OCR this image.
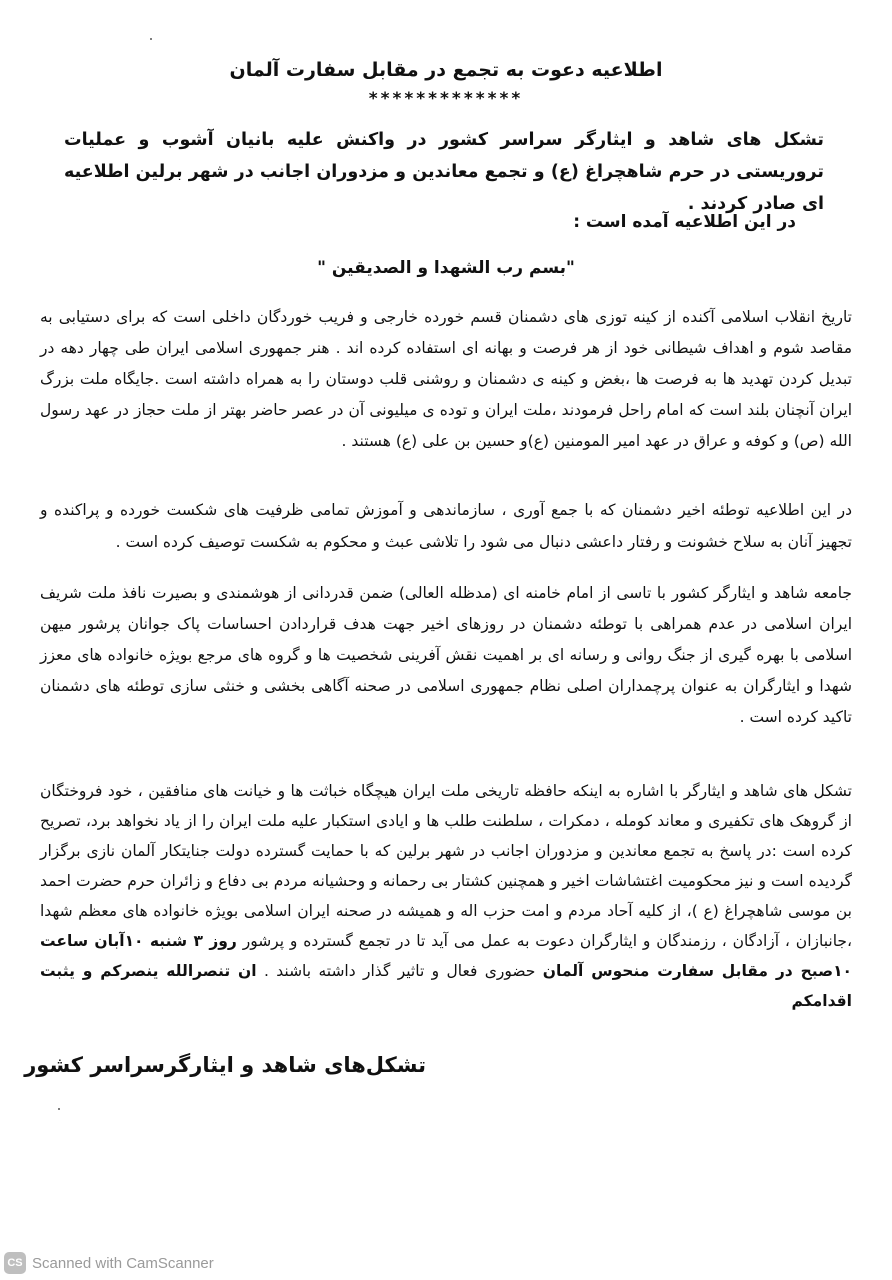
اطلاعیه دعوت به تجمع در مقابل سفارت آلمان
*************
تشکل های شاهد و ایثارگر سراسر کشور در واکنش علیه بانیان آشوب و عملیات تروریستی در حرم شاهچراغ (ع) و تجمع معاندین و مزدوران اجانب در شهر برلین اطلاعیه ای صادر کردند .
در این اطلاعیه آمده است :
"بسم رب الشهدا و الصدیقین "
تاریخ انقلاب اسلامی آکنده از کینه توزی های دشمنان قسم خورده خارجی و فریب خوردگان داخلی است که برای دستیابی به مقاصد شوم و اهداف شیطانی خود از هر فرصت و بهانه ای استفاده کرده اند . هنر جمهوری اسلامی ایران طی چهار دهه در تبدیل کردن تهدید ها به فرصت ها ،بغض و کینه ی دشمنان و روشنی قلب دوستان را به همراه داشته است .جایگاه ملت بزرگ ایران آنچنان بلند است که امام راحل فرمودند ،ملت ایران و توده ی میلیونی آن در عصر حاضر بهتر از ملت حجاز در عهد رسول الله (ص) و کوفه و عراق در عهد امیر المومنین (ع)و حسین بن علی (ع) هستند .
در این اطلاعیه توطئه اخیر دشمنان که با جمع آوری ، سازماندهی و آموزش تمامی ظرفیت های شکست خورده و پراکنده و تجهیز آنان به سلاح خشونت و رفتار داعشی دنبال می شود را تلاشی عبث و محکوم به شکست توصیف کرده است .
جامعه شاهد و ایثارگر کشور با تاسی از امام خامنه ای (مدظله العالی) ضمن قدردانی از هوشمندی و بصیرت نافذ ملت شریف ایران اسلامی در عدم همراهی با توطئه دشمنان در روزهای اخیر جهت هدف قراردادن احساسات پاک جوانان پرشور میهن اسلامی با بهره گیری از جنگ روانی و رسانه ای بر اهمیت نقش آفرینی شخصیت ها و گروه های مرجع بویژه خانواده های معزز شهدا و ایثارگران به عنوان پرچمداران اصلی نظام جمهوری اسلامی در صحنه آگاهی بخشی و خنثی سازی توطئه های دشمنان تاکید کرده است .
تشکل های شاهد و ایثارگر با اشاره به اینکه حافظه تاریخی ملت ایران هیچگاه خباثت ها و خیانت های منافقین ، خود فروختگان از گروهک های تکفیری و معاند کومله ، دمکرات ، سلطنت طلب ها و ایادی استکبار علیه ملت ایران را از یاد نخواهد برد، تصریح کرده است :در پاسخ به تجمع معاندین و مزدوران اجانب در شهر برلین که با حمایت گسترده دولت جنایتکار آلمان نازی برگزار گردیده است و نیز محکومیت اغتشاشات اخیر و همچنین کشتار بی رحمانه و وحشیانه مردم بی دفاع و زائران حرم حضرت احمد بن موسی شاهچراغ (ع )، از کلیه آحاد مردم و امت حزب اله و همیشه در صحنه ایران اسلامی بویژه خانواده های معظم شهدا ،جانبازان ، آزادگان ، رزمندگان و ایثارگران دعوت به عمل می آید تا در تجمع گسترده و پرشور روز ۳ شنبه ۱۰آبان ساعت ۱۰صبح در مقابل سفارت منحوس آلمان حضوری فعال و تاثیر گذار داشته باشند . ان تنصرالله ینصرکم و یثبت اقدامکم
تشکل‌های شاهد و ایثارگرسراسر کشور
CS Scanned with CamScanner
